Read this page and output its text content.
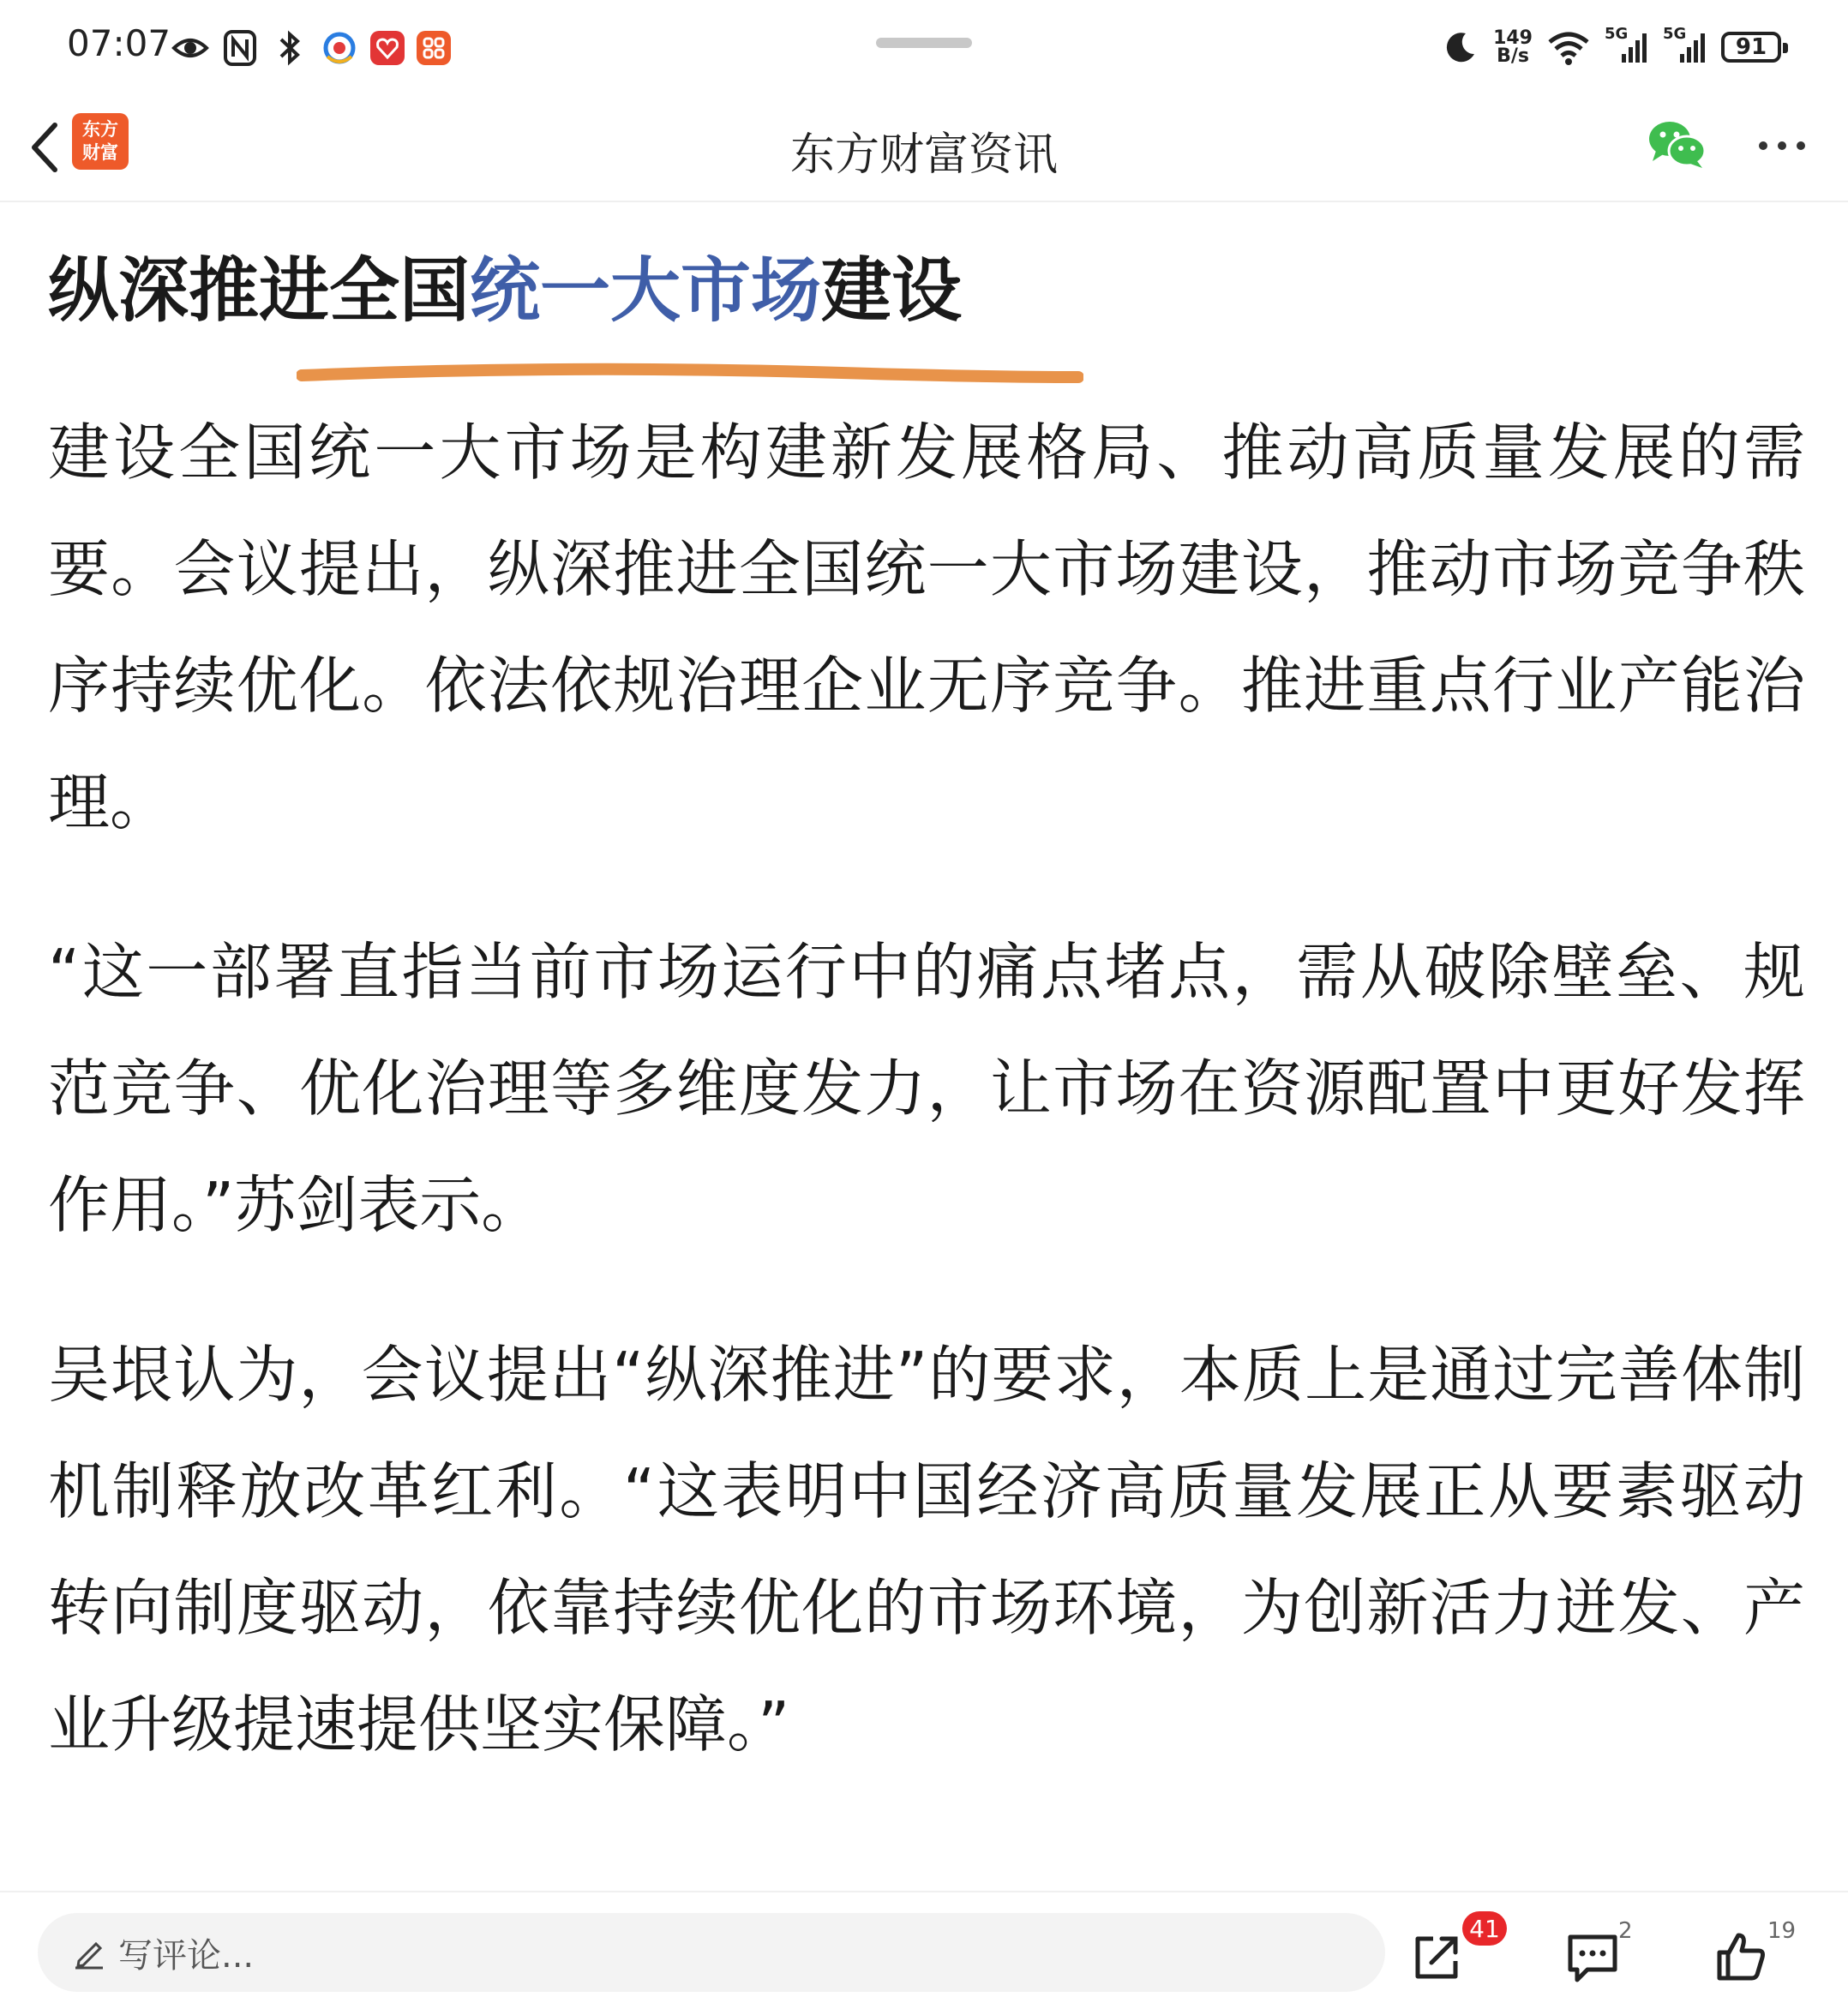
07:07	149
B/s
5G 5G
91
东方
财富	东方财富资讯
纵深推进全国统一大市场建设

建设全国统一大市场是构建新发展格局、推动高质量发展的需要。会议提出，纵深推进全国统一大市场建设，推动市场竞争秩序持续优化。依法依规治理企业无序竞争。推进重点行业产能治理。

“这一部署直指当前市场运行中的痛点堵点，需从破除壁垒、规范竞争、优化治理等多维度发力，让市场在资源配置中更好发挥作用。”苏剑表示。

吴垠认为，会议提出“纵深推进”的要求，本质上是通过完善体制机制释放改革红利。“这表明中国经济高质量发展正从要素驱动转向制度驱动，依靠持续优化的市场环境，为创新活力迸发、产业升级提速提供坚实保障。”

写评论...
41	2	19
